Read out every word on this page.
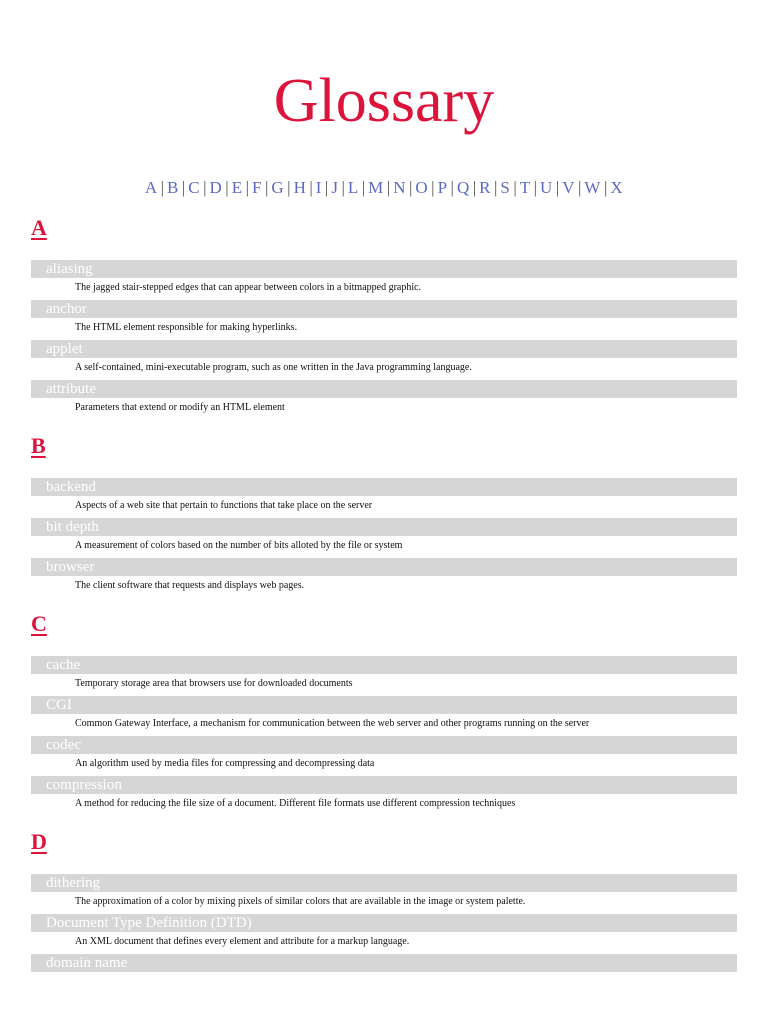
Glossary
A | B | C | D | E | F | G | H | I | J | L | M | N | O | P | Q | R | S | T | U | V | W | X
A
aliasing
The jagged stair-stepped edges that can appear between colors in a bitmapped graphic.
anchor
The HTML element responsible for making hyperlinks.
applet
A self-contained, mini-executable program, such as one written in the Java programming language.
attribute
Parameters that extend or modify an HTML element
B
backend
Aspects of a web site that pertain to functions that take place on the server
bit depth
A measurement of colors based on the number of bits alloted by the file or system
browser
The client software that requests and displays web pages.
C
cache
Temporary storage area that browsers use for downloaded documents
CGI
Common Gateway Interface, a mechanism for communication between the web server and other programs running on the server
codec
An algorithm used by media files for compressing and decompressing data
compression
A method for reducing the file size of a document. Different file formats use different compression techniques
D
dithering
The approximation of a color by mixing pixels of similar colors that are available in the image or system palette.
Document Type Definition (DTD)
An XML document that defines every element and attribute for a markup language.
domain name
